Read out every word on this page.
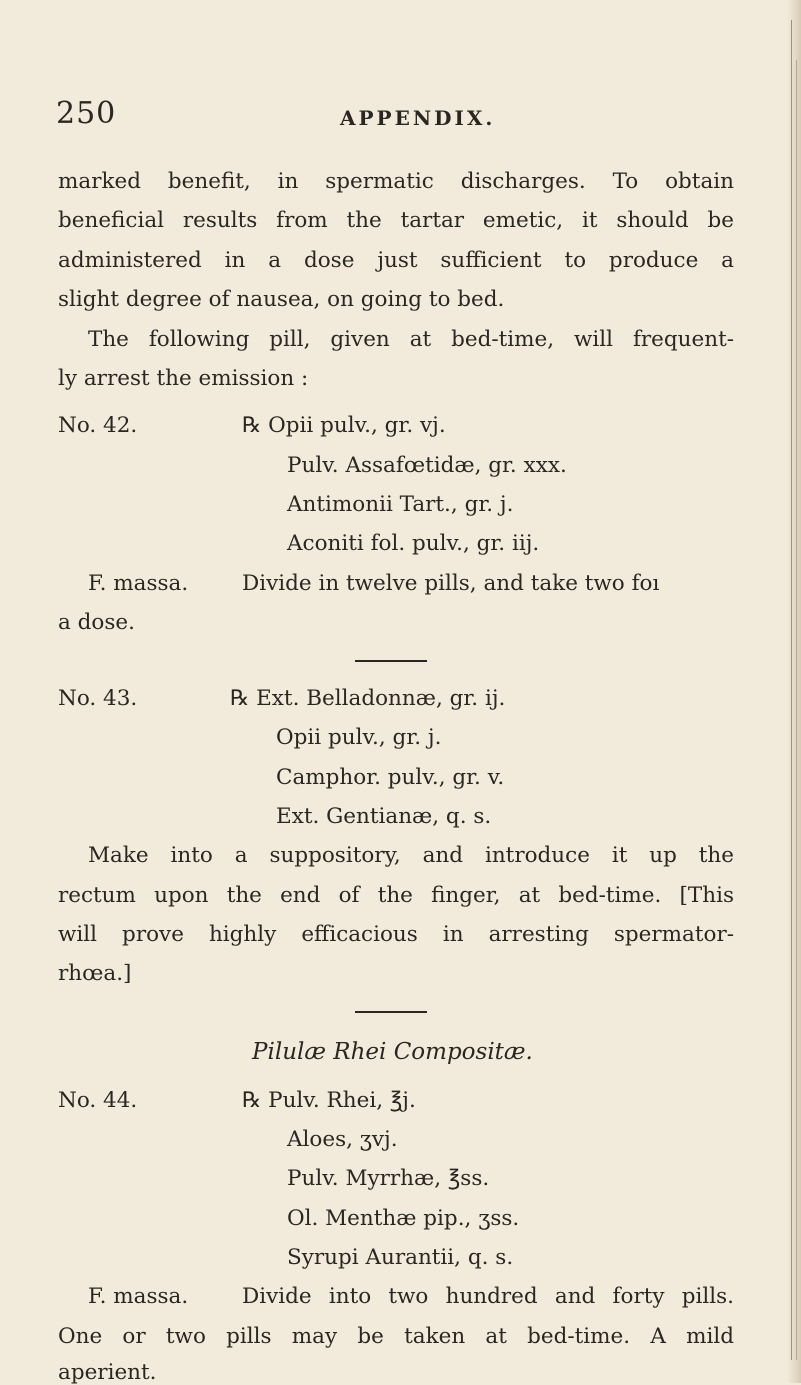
250	APPENDIX.
marked benefit, in spermatic discharges. To obtain
beneficial results from the tartar emetic, it should be
administered in a dose just sufficient to produce a
slight degree of nausea, on going to bed.
The following pill, given at bed-time, will frequent-
ly arrest the emission :
No. 42.	℞ Opii pulv., gr. vj.
Pulv. Assafœtidæ, gr. xxx.
Antimonii Tart., gr. j.
Aconiti fol. pulv., gr. iij.
F. massa.	Divide in twelve pills, and take two foı
a dose.
No. 43.	℞ Ext. Belladonnæ, gr. ij.
Opii pulv., gr. j.
Camphor. pulv., gr. v.
Ext. Gentianæ, q. s.
Make into a suppository, and introduce it up the
rectum upon the end of the finger, at bed-time. [This
will prove highly efficacious in arresting spermator-
rhœa.]
Pilulæ Rhei Compositæ.
No. 44.	℞ Pulv. Rhei, ℥j.
Aloes, ʒvj.
Pulv. Myrrhæ, ℥ss.
Ol. Menthæ pip., ʒss.
Syrupi Aurantii, q. s.
F. massa.	Divide into two hundred and forty pills.
One or two pills may be taken at bed-time. A mild
aperient.
